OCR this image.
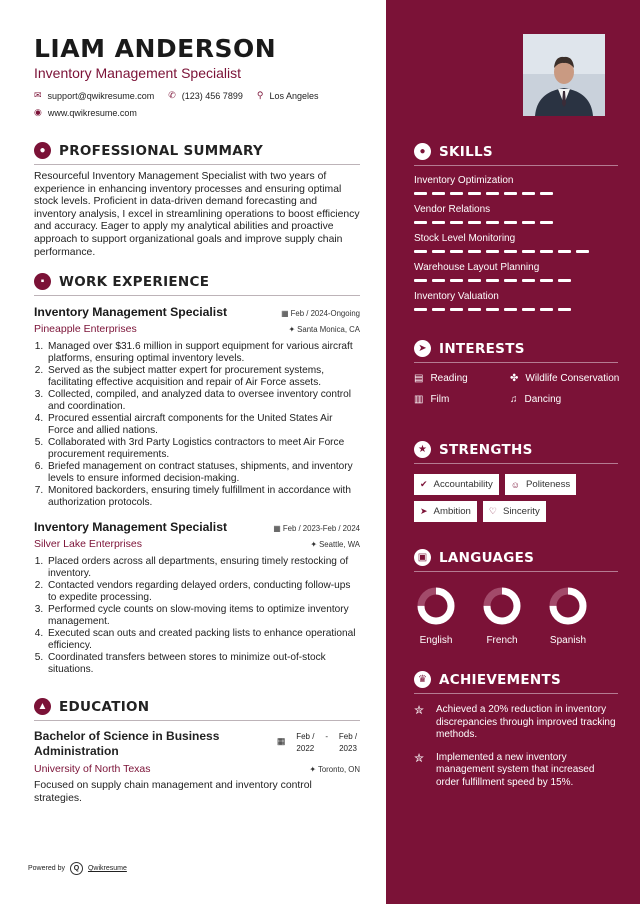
LIAM ANDERSON
Inventory Management Specialist
✉ support@qwikresume.com ✆ (123) 456 7899 ⚲ Los Angeles
◉ www.qwikresume.com
● PROFESSIONAL SUMMARY
Resourceful Inventory Management Specialist with two years of experience in enhancing inventory processes and ensuring optimal stock levels. Proficient in data-driven demand forecasting and inventory analysis, I excel in streamlining operations to boost efficiency and accuracy. Eager to apply my analytical abilities and proactive approach to support organizational goals and improve supply chain performance.
▪	WORK EXPERIENCE
Inventory Management Specialist	▦ Feb / 2024-Ongoing
Pineapple Enterprises	✦ Santa Monica, CA
1. Managed over $31.6 million in support equipment for various aircraft platforms, ensuring optimal inventory levels.
2. Served as the subject matter expert for procurement systems, facilitating effective acquisition and repair of Air Force assets.
3. Collected, compiled, and analyzed data to oversee inventory control and coordination.
4. Procured essential aircraft components for the United States Air Force and allied nations.
5. Collaborated with 3rd Party Logistics contractors to meet Air Force procurement requirements.
6. Briefed management on contract statuses, shipments, and inventory levels to ensure informed decision-making.
7. Monitored backorders, ensuring timely fulfillment in accordance with authorization protocols.
Inventory Management Specialist	▦ Feb / 2023-Feb / 2024
Silver Lake Enterprises	✦ Seattle, WA
1. Placed orders across all departments, ensuring timely restocking of inventory.
2. Contacted vendors regarding delayed orders, conducting follow-ups to expedite processing.
3. Performed cycle counts on slow-moving items to optimize inventory management.
4. Executed scan outs and created packing lists to enhance operational efficiency.
5. Coordinated transfers between stores to minimize out-of-stock situations.
▲ EDUCATION
Bachelor of Science in Business Administration
▦	Feb / 2022
-	Feb / 2023
University of North Texas	✦ Toronto, ON
Focused on supply chain management and inventory control strategies.
Powered by	Q	Qwikresume
● SKILLS
Inventory Optimization
Vendor Relations
Stock Level Monitoring
Warehouse Layout Planning
Inventory Valuation
➤ INTERESTS
▤ Reading	✤ Wildlife Conservation
▥ Film	♫ Dancing
★ STRENGTHS
✔ Accountability ☺ Politeness
➤ Ambition ♡ Sincerity
▣ LANGUAGES
English	French	Spanish
♛ ACHIEVEMENTS
✮	Achieved a 20% reduction in inventory discrepancies through improved tracking methods.
✮	Implemented a new inventory management system that increased order fulfillment speed by 15%.
